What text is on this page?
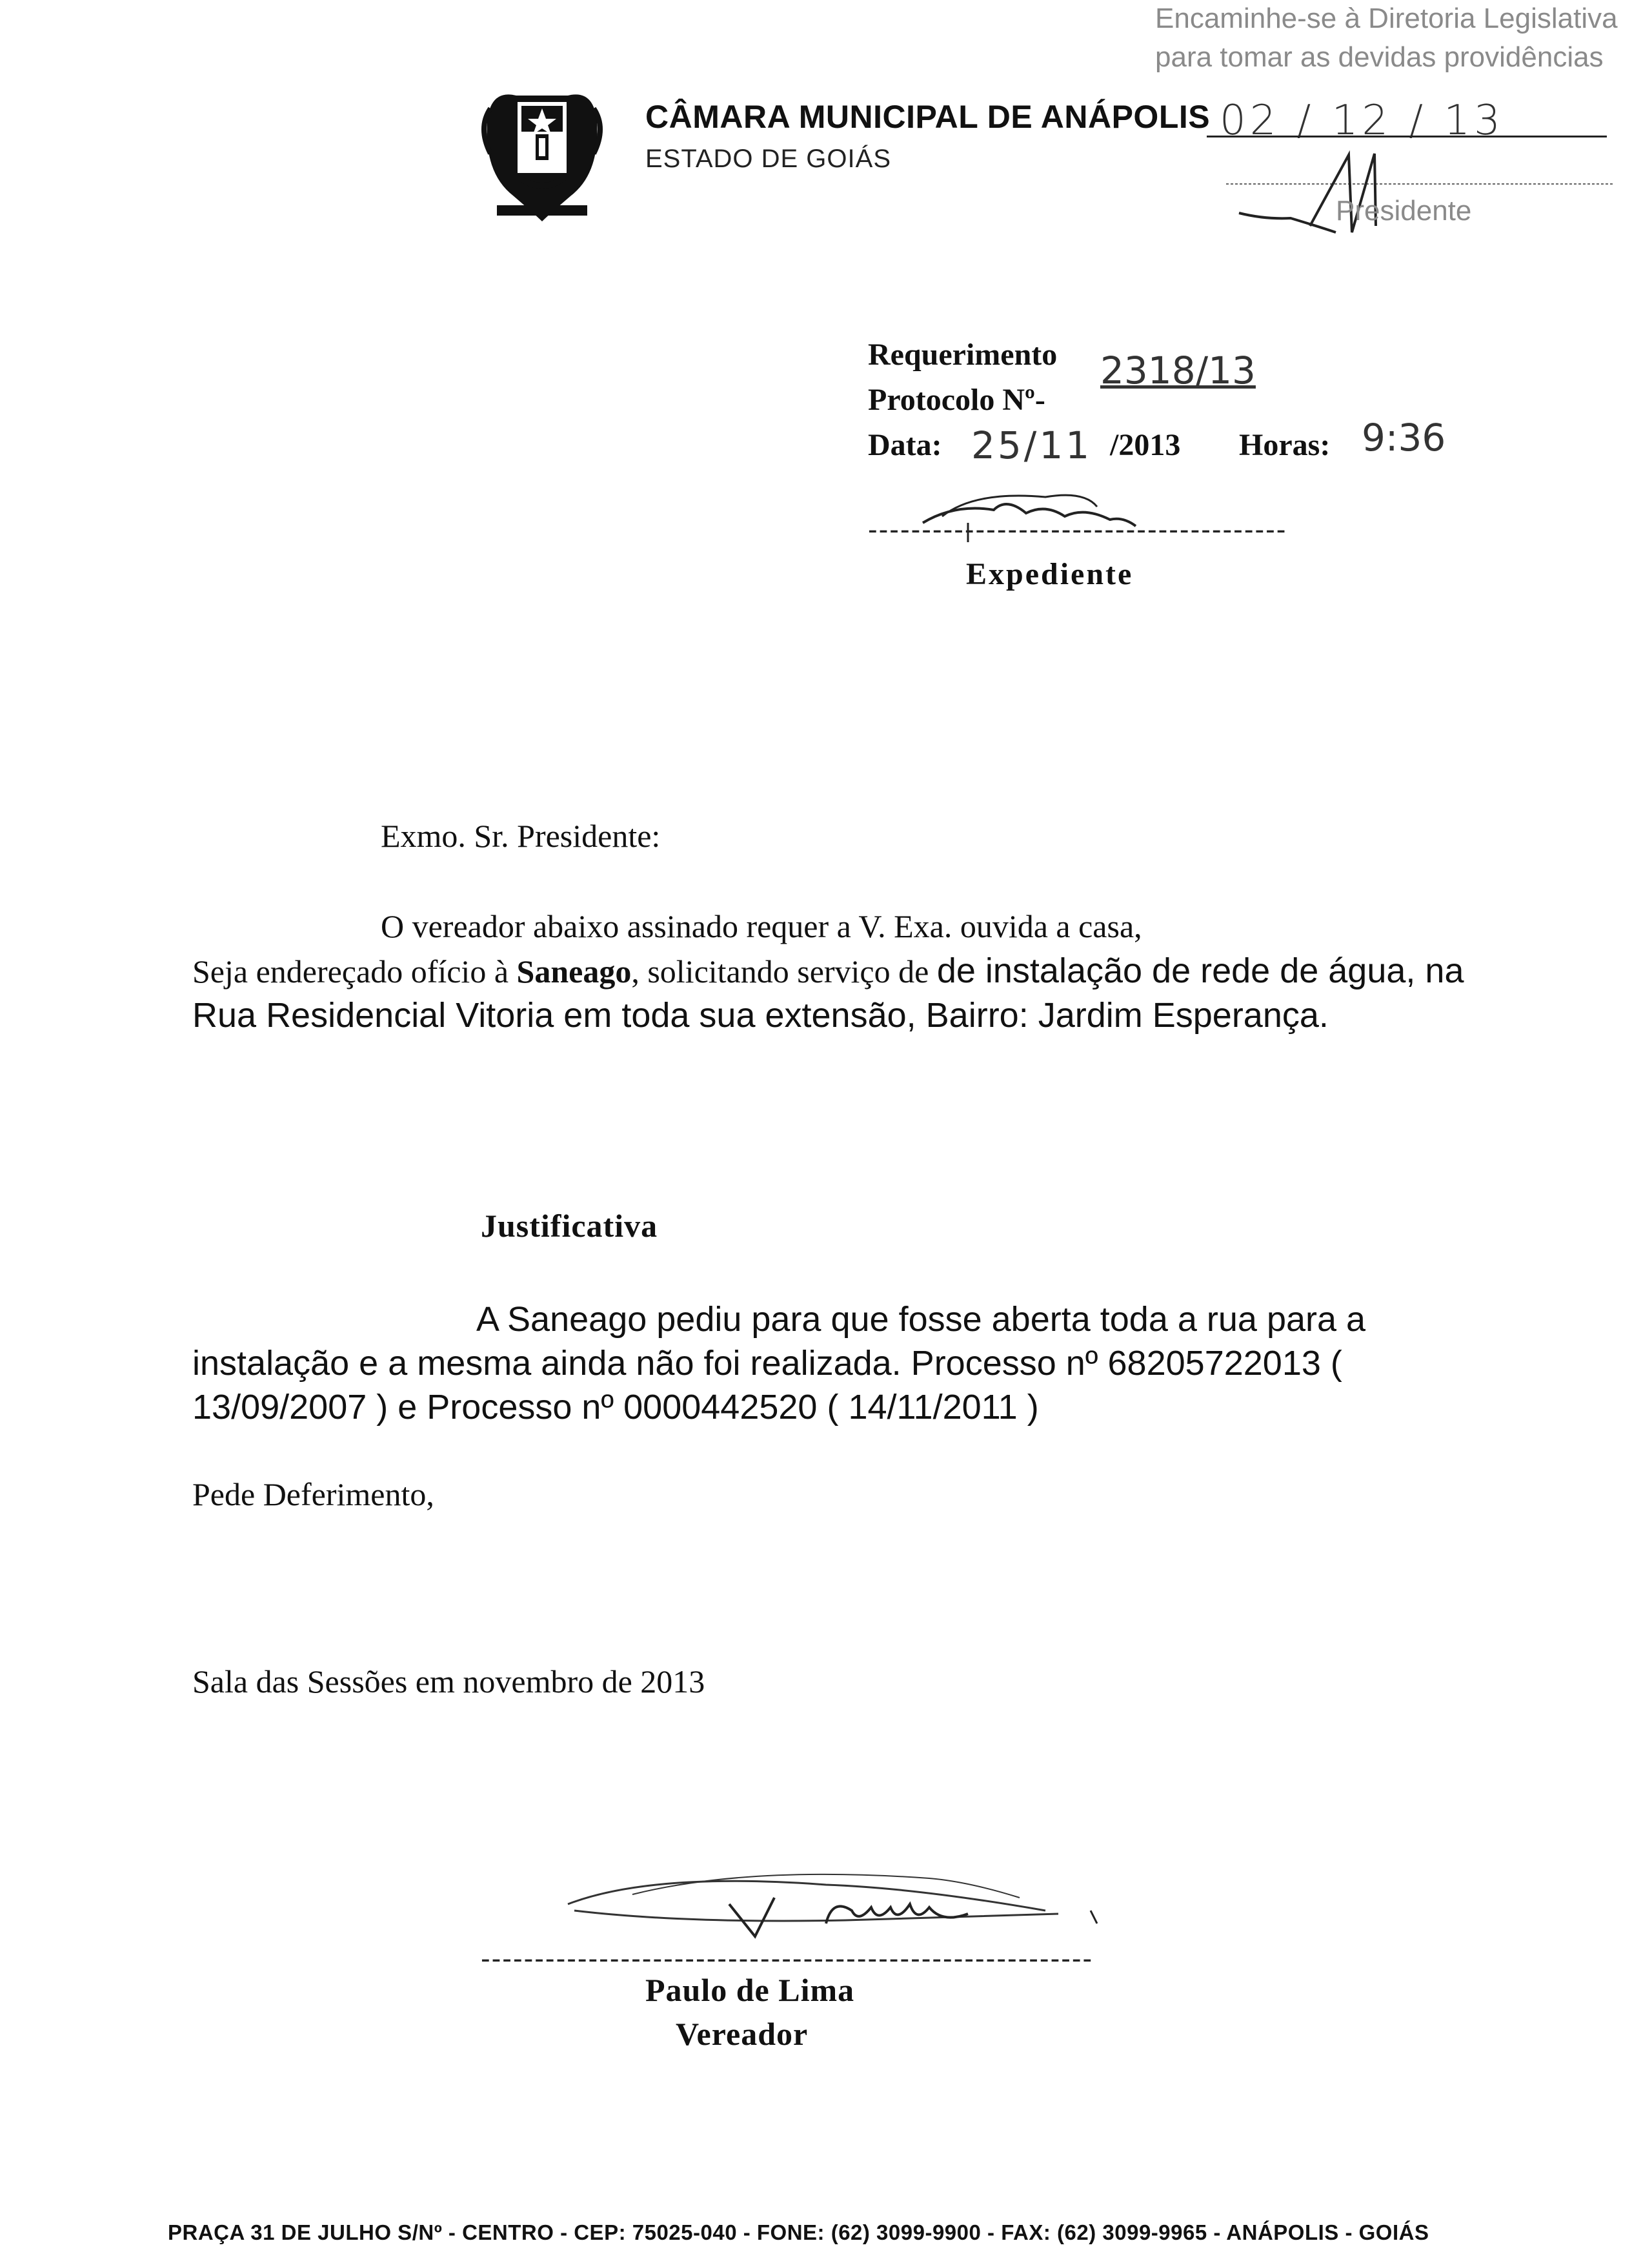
CÂMARA MUNICIPAL DE ANÁPOLIS
ESTADO DE GOIÁS
Encaminhe-se à Diretoria Legislativa
para tomar as devidas providências
02 / 12 / 13
Presidente
Requerimento
Protocolo Nº-
2318/13
Data: 25/11 /2013 Horas: 9:36
---------------------------------------
Expediente
Exmo. Sr. Presidente:
O vereador abaixo assinado requer a V. Exa. ouvida a casa,
Seja endereçado ofício à Saneago, solicitando serviço de de instalação de rede de água, na Rua Residencial Vitoria em toda sua extensão, Bairro: Jardim Esperança.
Justificativa
A Saneago pediu para que fosse aberta toda a rua para a instalação e a mesma ainda não foi realizada. Processo nº 68205722013 ( 13/09/2007 ) e Processo nº 0000442520 ( 14/11/2011 )
Pede Deferimento,
Sala das Sessões em novembro de 2013
---------------------------------------------------------
Paulo de Lima
Vereador
PRAÇA 31 DE JULHO S/Nº - CENTRO - CEP: 75025-040 - FONE: (62) 3099-9900 - FAX: (62) 3099-9965 - ANÁPOLIS - GOIÁS
